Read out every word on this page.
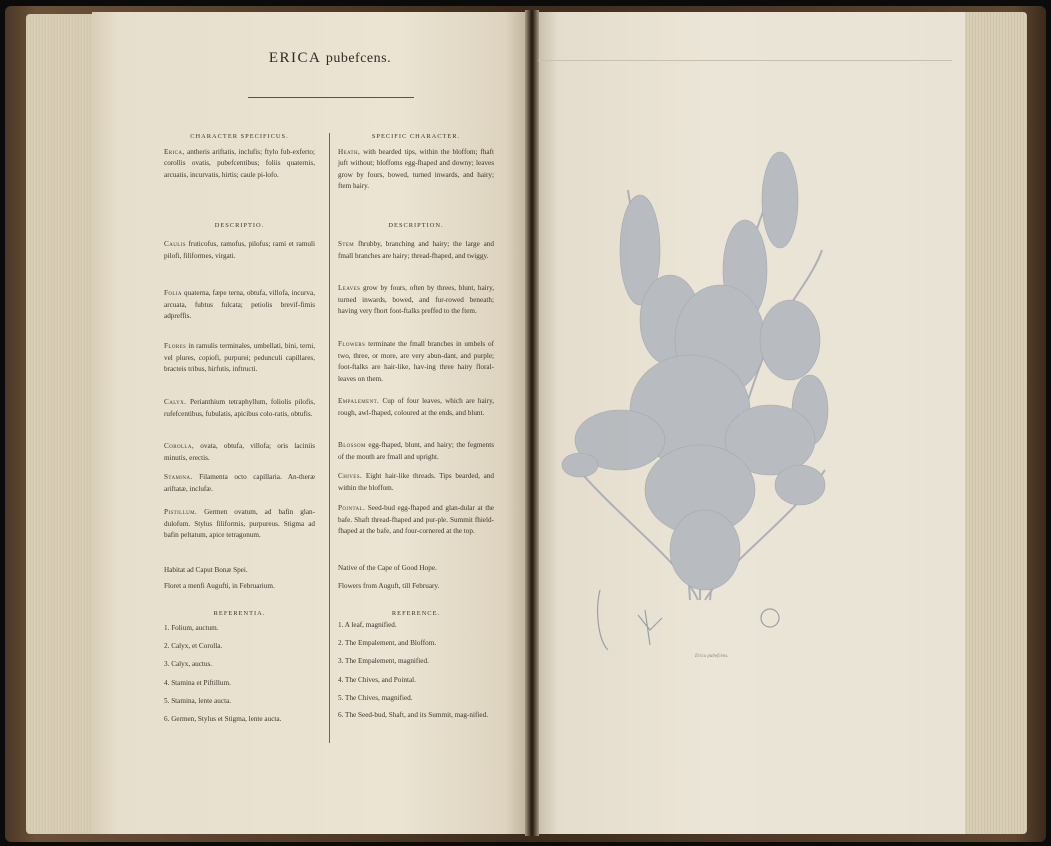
ERICA pubefcens.

CHARACTER SPECIFICUS.

Erica, antheris ariftatis, inclufis; ftylo fub-exferto; corollis ovatis, pubefcentibus; foliis quaternis, arcuatis, incurvatis, hirtis; caule pi-lofo.

DESCRIPTIO.

Caulis fruticofus, ramofus, pilofus; rami et ramuli pilofi, filiformes, virgati.

Folia quaterna, fæpe terna, obtufa, villofa, incurva, arcuata, fubtus fulcata; petiolis brevif-fimis adpreffis.

Flores in ramulis terminales, umbellati, bini, terni, vel plures, copiofi, purpurei; pedunculi capillares, bracteis tribus, hirfutis, inftructi.

Calyx. Perianthium tetraphyllum, foliolis pilofis, rufefcentibus, fubulatis, apicibus colo-ratis, obtufis.

Corolla, ovata, obtufa, villofa; oris laciniis minutis, erectis.

Stamina. Filamenta octo capillaria. An-theræ ariftatæ, inclufæ.

Pistillum. Germen ovatum, ad bafin glan-dulofum. Stylus filiformis, purpureus. Stigma ad bafin peltatum, apice tetragonum.

Habitat ad Caput Bonæ Spei.

Floret a menfi Augufti, in Februarium.

REFERENTIA.

1. Folium, auctum.

2. Calyx, et Corolla.

3. Calyx, auctus.

4. Stamina et Piftillum.

5. Stamina, lente aucta.

6. Germen, Stylus et Stigma, lente aucta.

SPECIFIC CHARACTER.

Heath, with bearded tips, within the bloffom; fhaft juft without; bloffoms egg-fhaped and downy; leaves grow by fours, bowed, turned inwards, and hairy; ftem hairy.

DESCRIPTION.

Stem fhrubby, branching and hairy; the large and fmall branches are hairy; thread-fhaped, and twiggy.

Leaves grow by fours, often by threes, blunt, hairy, turned inwards, bowed, and fur-rowed beneath; having very fhort foot-ftalks preffed to the ftem.

Flowers terminate the fmall branches in umbels of two, three, or more, are very abun-dant, and purple; foot-ftalks are hair-like, hav-ing three hairy floral-leaves on them.

Empalement. Cup of four leaves, which are hairy, rough, awl-fhaped, coloured at the ends, and blunt.

Blossom egg-fhaped, blunt, and hairy; the fegments of the mouth are fmall and upright.

Chives. Eight hair-like threads. Tips bearded, and within the bloffom.

Pointal. Seed-bud egg-fhaped and glan-dular at the bafe. Shaft thread-fhaped and pur-ple. Summit fhield-fhaped at the bafe, and four-cornered at the top.

Native of the Cape of Good Hope.

Flowers from Auguft, till February.

REFERENCE.

1. A leaf, magnified.

2. The Empalement, and Bloffom.

3. The Empalement, magnified.

4. The Chives, and Pointal.

5. The Chives, magnified.

6. The Seed-bud, Shaft, and its Summit, mag-nified.

Erica pubefcens.
